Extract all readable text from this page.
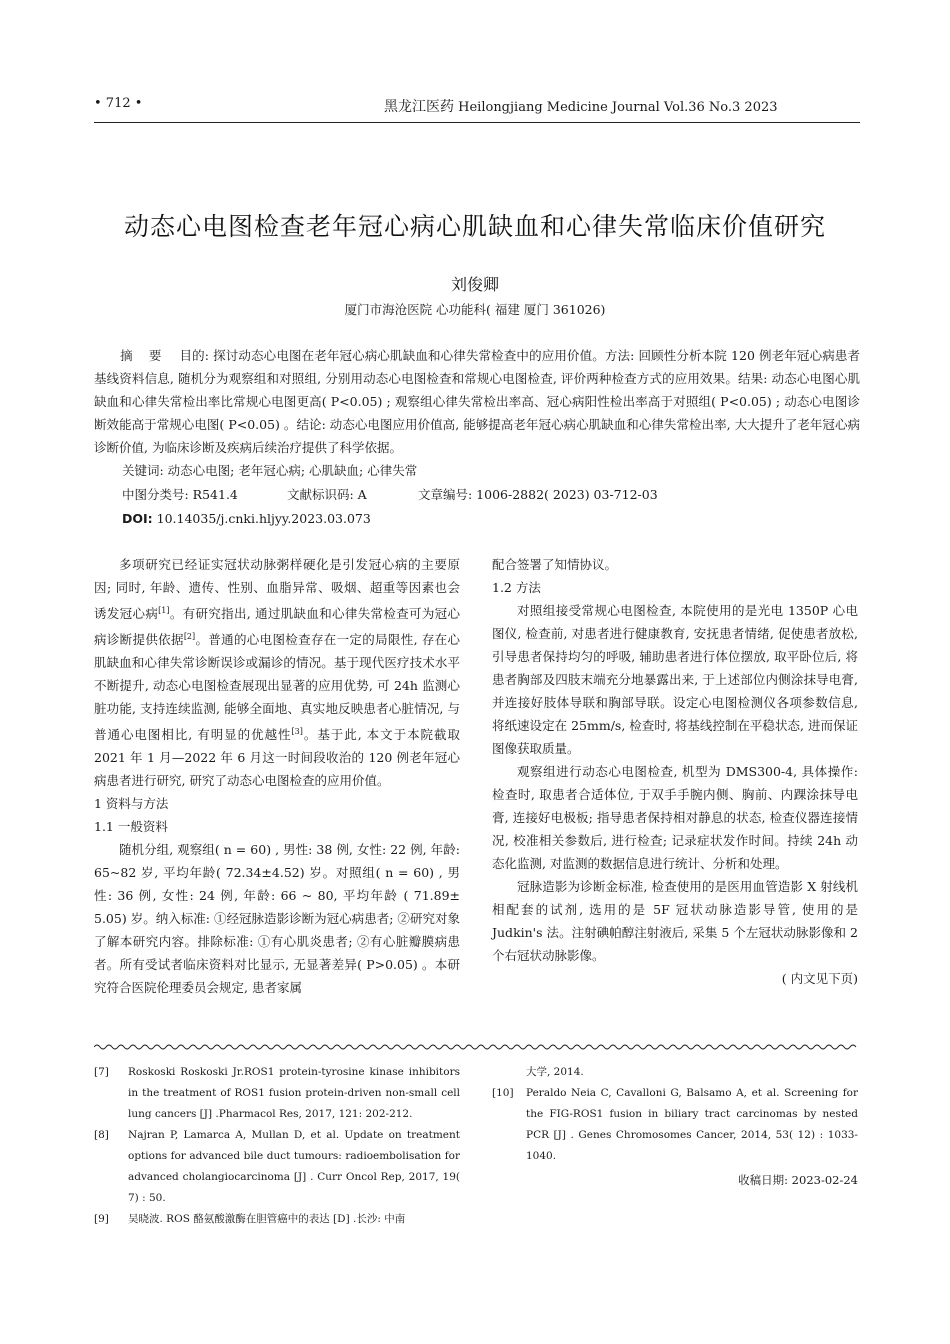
• 712 •	黑龙江医药 Heilongjiang Medicine Journal Vol.36 No.3 2023
动态心电图检查老年冠心病心肌缺血和心律失常临床价值研究
刘俊卿
厦门市海沧医院 心功能科( 福建 厦门 361026)
摘 要 目的: 探讨动态心电图在老年冠心病心肌缺血和心律失常检查中的应用价值。方法: 回顾性分析本院 120 例老年冠心病患者基线资料信息, 随机分为观察组和对照组, 分别用动态心电图检查和常规心电图检查, 评价两种检查方式的应用效果。结果: 动态心电图心肌缺血和心律失常检出率比常规心电图更高( P<0.05) ; 观察组心律失常检出率高、冠心病阳性检出率高于对照组( P<0.05) ; 动态心电图诊断效能高于常规心电图( P<0.05) 。结论: 动态心电图应用价值高, 能够提高老年冠心病心肌缺血和心律失常检出率, 大大提升了老年冠心病诊断价值, 为临床诊断及疾病后续治疗提供了科学依据。
关键词: 动态心电图; 老年冠心病; 心肌缺血; 心律失常
中图分类号: R541.4	文献标识码: A	文章编号: 1006-2882( 2023) 03-712-03
DOI: 10.14035/j.cnki.hljyy.2023.03.073

多项研究已经证实冠状动脉粥样硬化是引发冠心病的主要原因; 同时, 年龄、遗传、性别、血脂异常、吸烟、超重等因素也会诱发冠心病[1]。有研究指出, 通过肌缺血和心律失常检查可为冠心病诊断提供依据[2]。普通的心电图检查存在一定的局限性, 存在心肌缺血和心律失常诊断误诊或漏诊的情况。基于现代医疗技术水平不断提升, 动态心电图检查展现出显著的应用优势, 可 24h 监测心脏功能, 支持连续监测, 能够全面地、真实地反映患者心脏情况, 与普通心电图相比, 有明显的优越性[3]。基于此, 本文于本院截取 2021 年 1 月—2022 年 6 月这一时间段收治的 120 例老年冠心病患者进行研究, 研究了动态心电图检查的应用价值。

1 资料与方法

1.1 一般资料

随机分组, 观察组( n = 60) , 男性: 38 例, 女性: 22 例, 年龄: 65~82 岁, 平均年龄( 72.34±4.52) 岁。对照组( n = 60) , 男性: 36 例, 女性: 24 例, 年龄: 66 ~ 80, 平均年龄 ( 71.89± 5.05) 岁。纳入标准: ①经冠脉造影诊断为冠心病患者; ②研究对象了解本研究内容。排除标准: ①有心肌炎患者; ②有心脏瓣膜病患者。所有受试者临床资料对比显示, 无显著差异( P>0.05) 。本研究符合医院伦理委员会规定, 患者家属

配合签署了知情协议。

1.2 方法

对照组接受常规心电图检查, 本院使用的是光电 1350P 心电图仪, 检查前, 对患者进行健康教育, 安抚患者情绪, 促使患者放松, 引导患者保持均匀的呼吸, 辅助患者进行体位摆放, 取平卧位后, 将患者胸部及四肢末端充分地暴露出来, 于上述部位内侧涂抹导电膏, 并连接好肢体导联和胸部导联。设定心电图检测仪各项参数信息, 将纸速设定在 25mm/s, 检查时, 将基线控制在平稳状态, 进而保证图像获取质量。

观察组进行动态心电图检查, 机型为 DMS300-4, 具体操作: 检查时, 取患者合适体位, 于双手手腕内侧、胸前、内踝涂抹导电膏, 连接好电极板; 指导患者保持相对静息的状态, 检查仪器连接情况, 校准相关参数后, 进行检查; 记录症状发作时间。持续 24h 动态化监测, 对监测的数据信息进行统计、分析和处理。

冠脉造影为诊断金标准, 检查使用的是医用血管造影 X 射线机相配套的试剂, 选用的是 5F 冠状动脉造影导管, 使用的是 Judkin's 法。注射碘帕醇注射液后, 采集 5 个左冠状动脉影像和 2 个右冠状动脉影像。

( 内文见下页)

[7] Roskoski Roskoski Jr.ROS1 protein-tyrosine kinase inhibitors in the treatment of ROS1 fusion protein-driven non-small cell lung cancers [J] .Pharmacol Res, 2017, 121: 202-212.

[8] Najran P, Lamarca A, Mullan D, et al. Update on treatment options for advanced bile duct tumours: radioembolisation for advanced cholangiocarcinoma [J] . Curr Oncol Rep, 2017, 19( 7) : 50.

[9] 吴晓波. ROS 酪氨酸激酶在胆管癌中的表达 [D] .长沙: 中南

大学, 2014.

[10] Peraldo Neia C, Cavalloni G, Balsamo A, et al. Screening for the FIG-ROS1 fusion in biliary tract carcinomas by nested PCR [J] . Genes Chromosomes Cancer, 2014, 53( 12) : 1033-1040.

收稿日期: 2023-02-24
